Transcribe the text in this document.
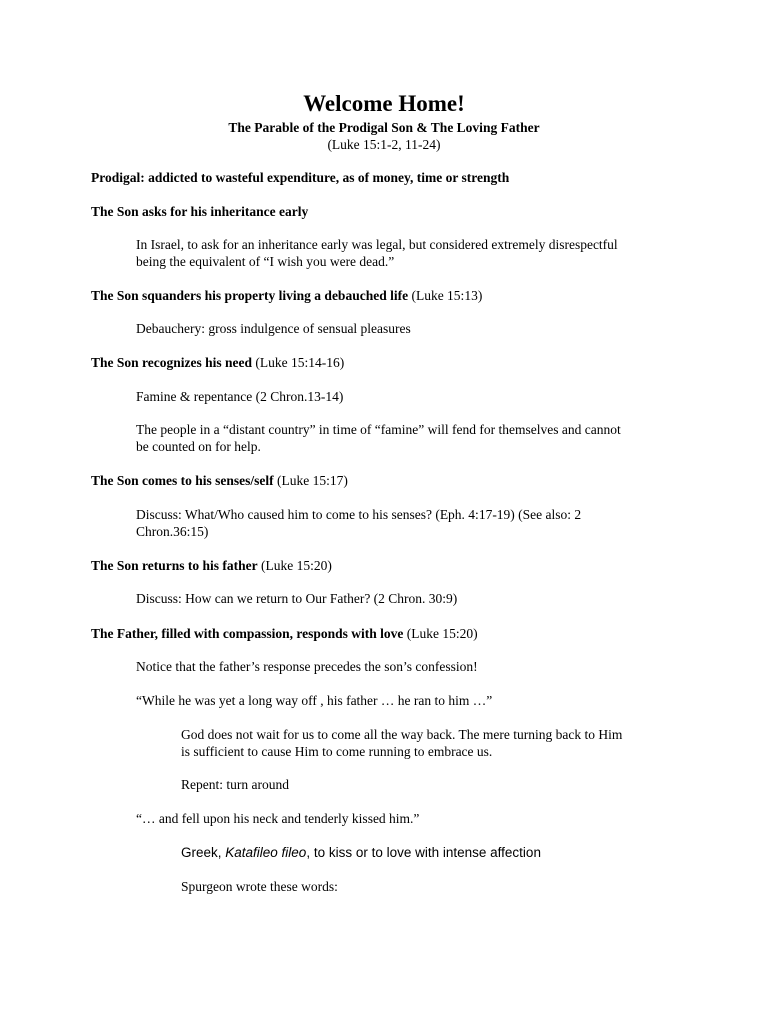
Welcome Home!
The Parable of the Prodigal Son & The Loving Father
(Luke 15:1-2, 11-24)
Prodigal: addicted to wasteful expenditure, as of money, time or strength
The Son asks for his inheritance early
In Israel, to ask for an inheritance early was legal, but considered extremely disrespectful
being the equivalent of “I wish you were dead.”
The Son squanders his property living a debauched life (Luke 15:13)
Debauchery: gross indulgence of sensual pleasures
The Son recognizes his need (Luke 15:14-16)
Famine & repentance (2 Chron.13-14)
The people in a “distant country” in time of “famine” will fend for themselves and cannot
be counted on for help.
The Son comes to his senses/self (Luke 15:17)
Discuss: What/Who caused him to come to his senses? (Eph. 4:17-19) (See also: 2
Chron.36:15)
The Son returns to his father (Luke 15:20)
Discuss: How can we return to Our Father? (2 Chron. 30:9)
The Father, filled with compassion, responds with love (Luke 15:20)
Notice that the father’s response precedes the son’s confession!
“While he was yet a long way off , his father … he ran to him …”
God does not wait for us to come all the way back. The mere turning back to Him
is sufficient to cause Him to come running to embrace us.
Repent: turn around
“… and fell upon his neck and tenderly kissed him.”
Greek, Katafileo fileo, to kiss or to love with intense affection
Spurgeon wrote these words:
